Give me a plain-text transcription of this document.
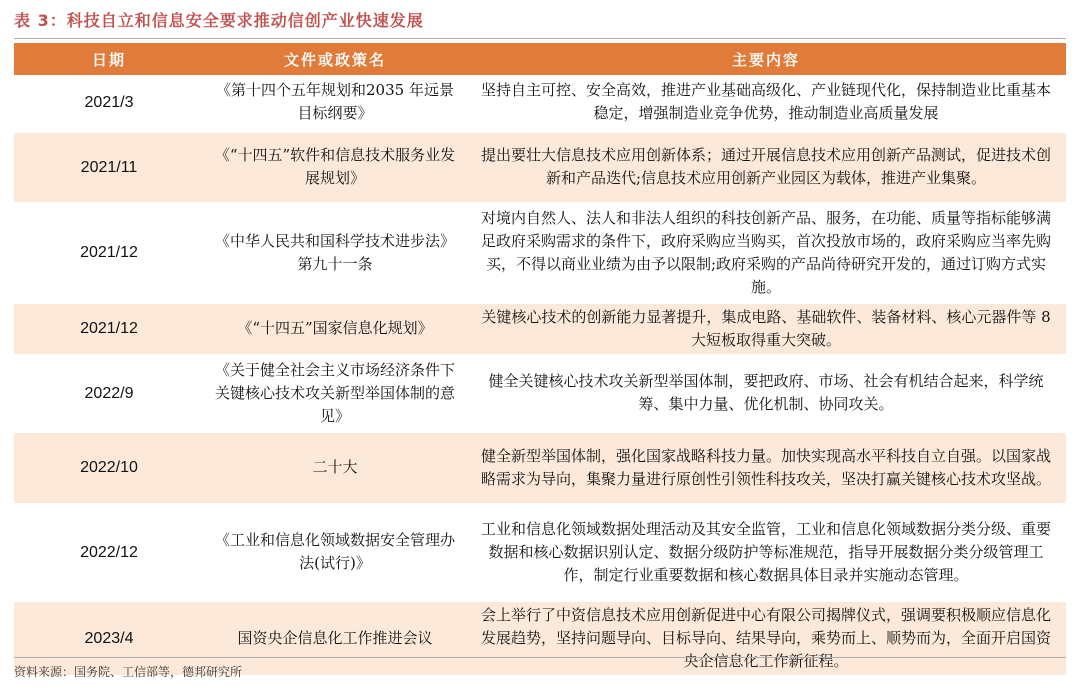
表 3：科技自立和信息安全要求推动信创产业快速发展
日期	文件或政策名	主要内容
2021/3	《第十四个五年规划和2035 年远景目标纲要》	坚持自主可控、安全高效，推进产业基础高级化、产业链现代化，保持制造业比重基本稳定，增强制造业竞争优势，推动制造业高质量发展
2021/11	《“十四五”软件和信息技术服务业发展规划》	提出要壮大信息技术应用创新体系；通过开展信息技术应用创新产品测试，促进技术创新和产品迭代;信息技术应用创新产业园区为载体，推进产业集聚。
2021/12	《中华人民共和国科学技术进步法》第九十一条	对境内自然人、法人和非法人组织的科技创新产品、服务，在功能、质量等指标能够满足政府采购需求的条件下，政府采购应当购买，首次投放市场的，政府采购应当率先购买，不得以商业业绩为由予以限制;政府采购的产品尚待研究开发的，通过订购方式实施。
2021/12	《“十四五”国家信息化规划》	关键核心技术的创新能力显著提升，集成电路、基础软件、装备材料、核心元器件等 8 大短板取得重大突破。
2022/9	《关于健全社会主义市场经济条件下关键核心技术攻关新型举国体制的意见》	健全关键核心技术攻关新型举国体制，要把政府、市场、社会有机结合起来，科学统筹、集中力量、优化机制、协同攻关。
2022/10	二十大	健全新型举国体制，强化国家战略科技力量。加快实现高水平科技自立自强。以国家战略需求为导向，集聚力量进行原创性引领性科技攻关，坚决打赢关键核心技术攻坚战。
2022/12	《工业和信息化领域数据安全管理办法(试行)》	工业和信息化领域数据处理活动及其安全监管，工业和信息化领域数据分类分级、重要数据和核心数据识别认定、数据分级防护等标准规范，指导开展数据分类分级管理工作，制定行业重要数据和核心数据具体目录并实施动态管理。
2023/4	国资央企信息化工作推进会议	会上举行了中资信息技术应用创新促进中心有限公司揭牌仪式，强调要积极顺应信息化发展趋势，坚持问题导向、目标导向、结果导向，乘势而上、顺势而为，全面开启国资央企信息化工作新征程。
资料来源：国务院、工信部等，德邦研究所
